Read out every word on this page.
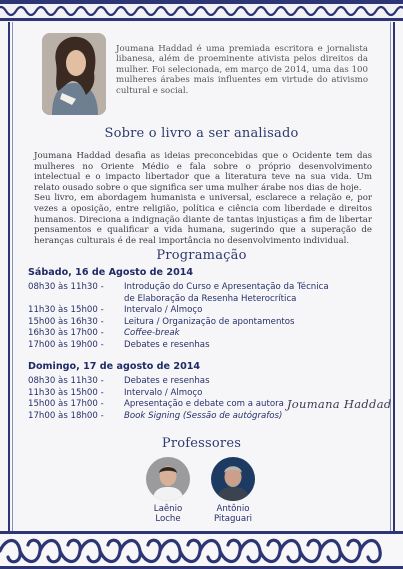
Joumana Haddad é uma premiada escritora e jornalista libanesa, além de proeminente ativista pelos direitos da mulher. Foi selecionada, em março de 2014, uma das 100 mulheres árabes mais influentes em virtude do ativismo cultural e social.
Sobre o livro a ser analisado

Joumana Haddad desafia as ideias preconcebidas que o Ocidente tem das mulheres no Oriente Médio e fala sobre o próprio desenvolvimento intelectual e o impacto libertador que a literatura teve na sua vida. Um relato ousado sobre o que significa ser uma mulher árabe nos dias de hoje.

Seu livro, em abordagem humanista e universal, esclarece a relação e, por vezes a oposição, entre religião, política e ciência com liberdade e direitos humanos. Direciona a indignação diante de tantas injustiças a fim de libertar pensamentos e qualificar a vida humana, sugerindo que a superação de heranças culturais é de real importância no desenvolvimento individual.

Programação
Sábado, 16 de Agosto de 2014
08h30 às 11h30 -	Introdução do Curso e Apresentação da Técnica
de Elaboração da Resenha Heterocrítica
11h30 às 15h00 -	Intervalo / Almoço
15h00 às 16h30 -	Leitura / Organização de apontamentos
16h30 às 17h00 -	Coffee-break
17h00 às 19h00 -	Debates e resenhas
Domingo, 17 de agosto de 2014
08h30 às 11h30 -	Debates e resenhas
11h30 às 15h00 -	Intervalo / Almoço
15h00 às 17h00 -	Apresentação e debate com a autora Joumana Haddad
17h00 às 18h00 -	Book Signing (Sessão de autógrafos)
Professores
Laênio
Loche
Antônio
Pitaguari
